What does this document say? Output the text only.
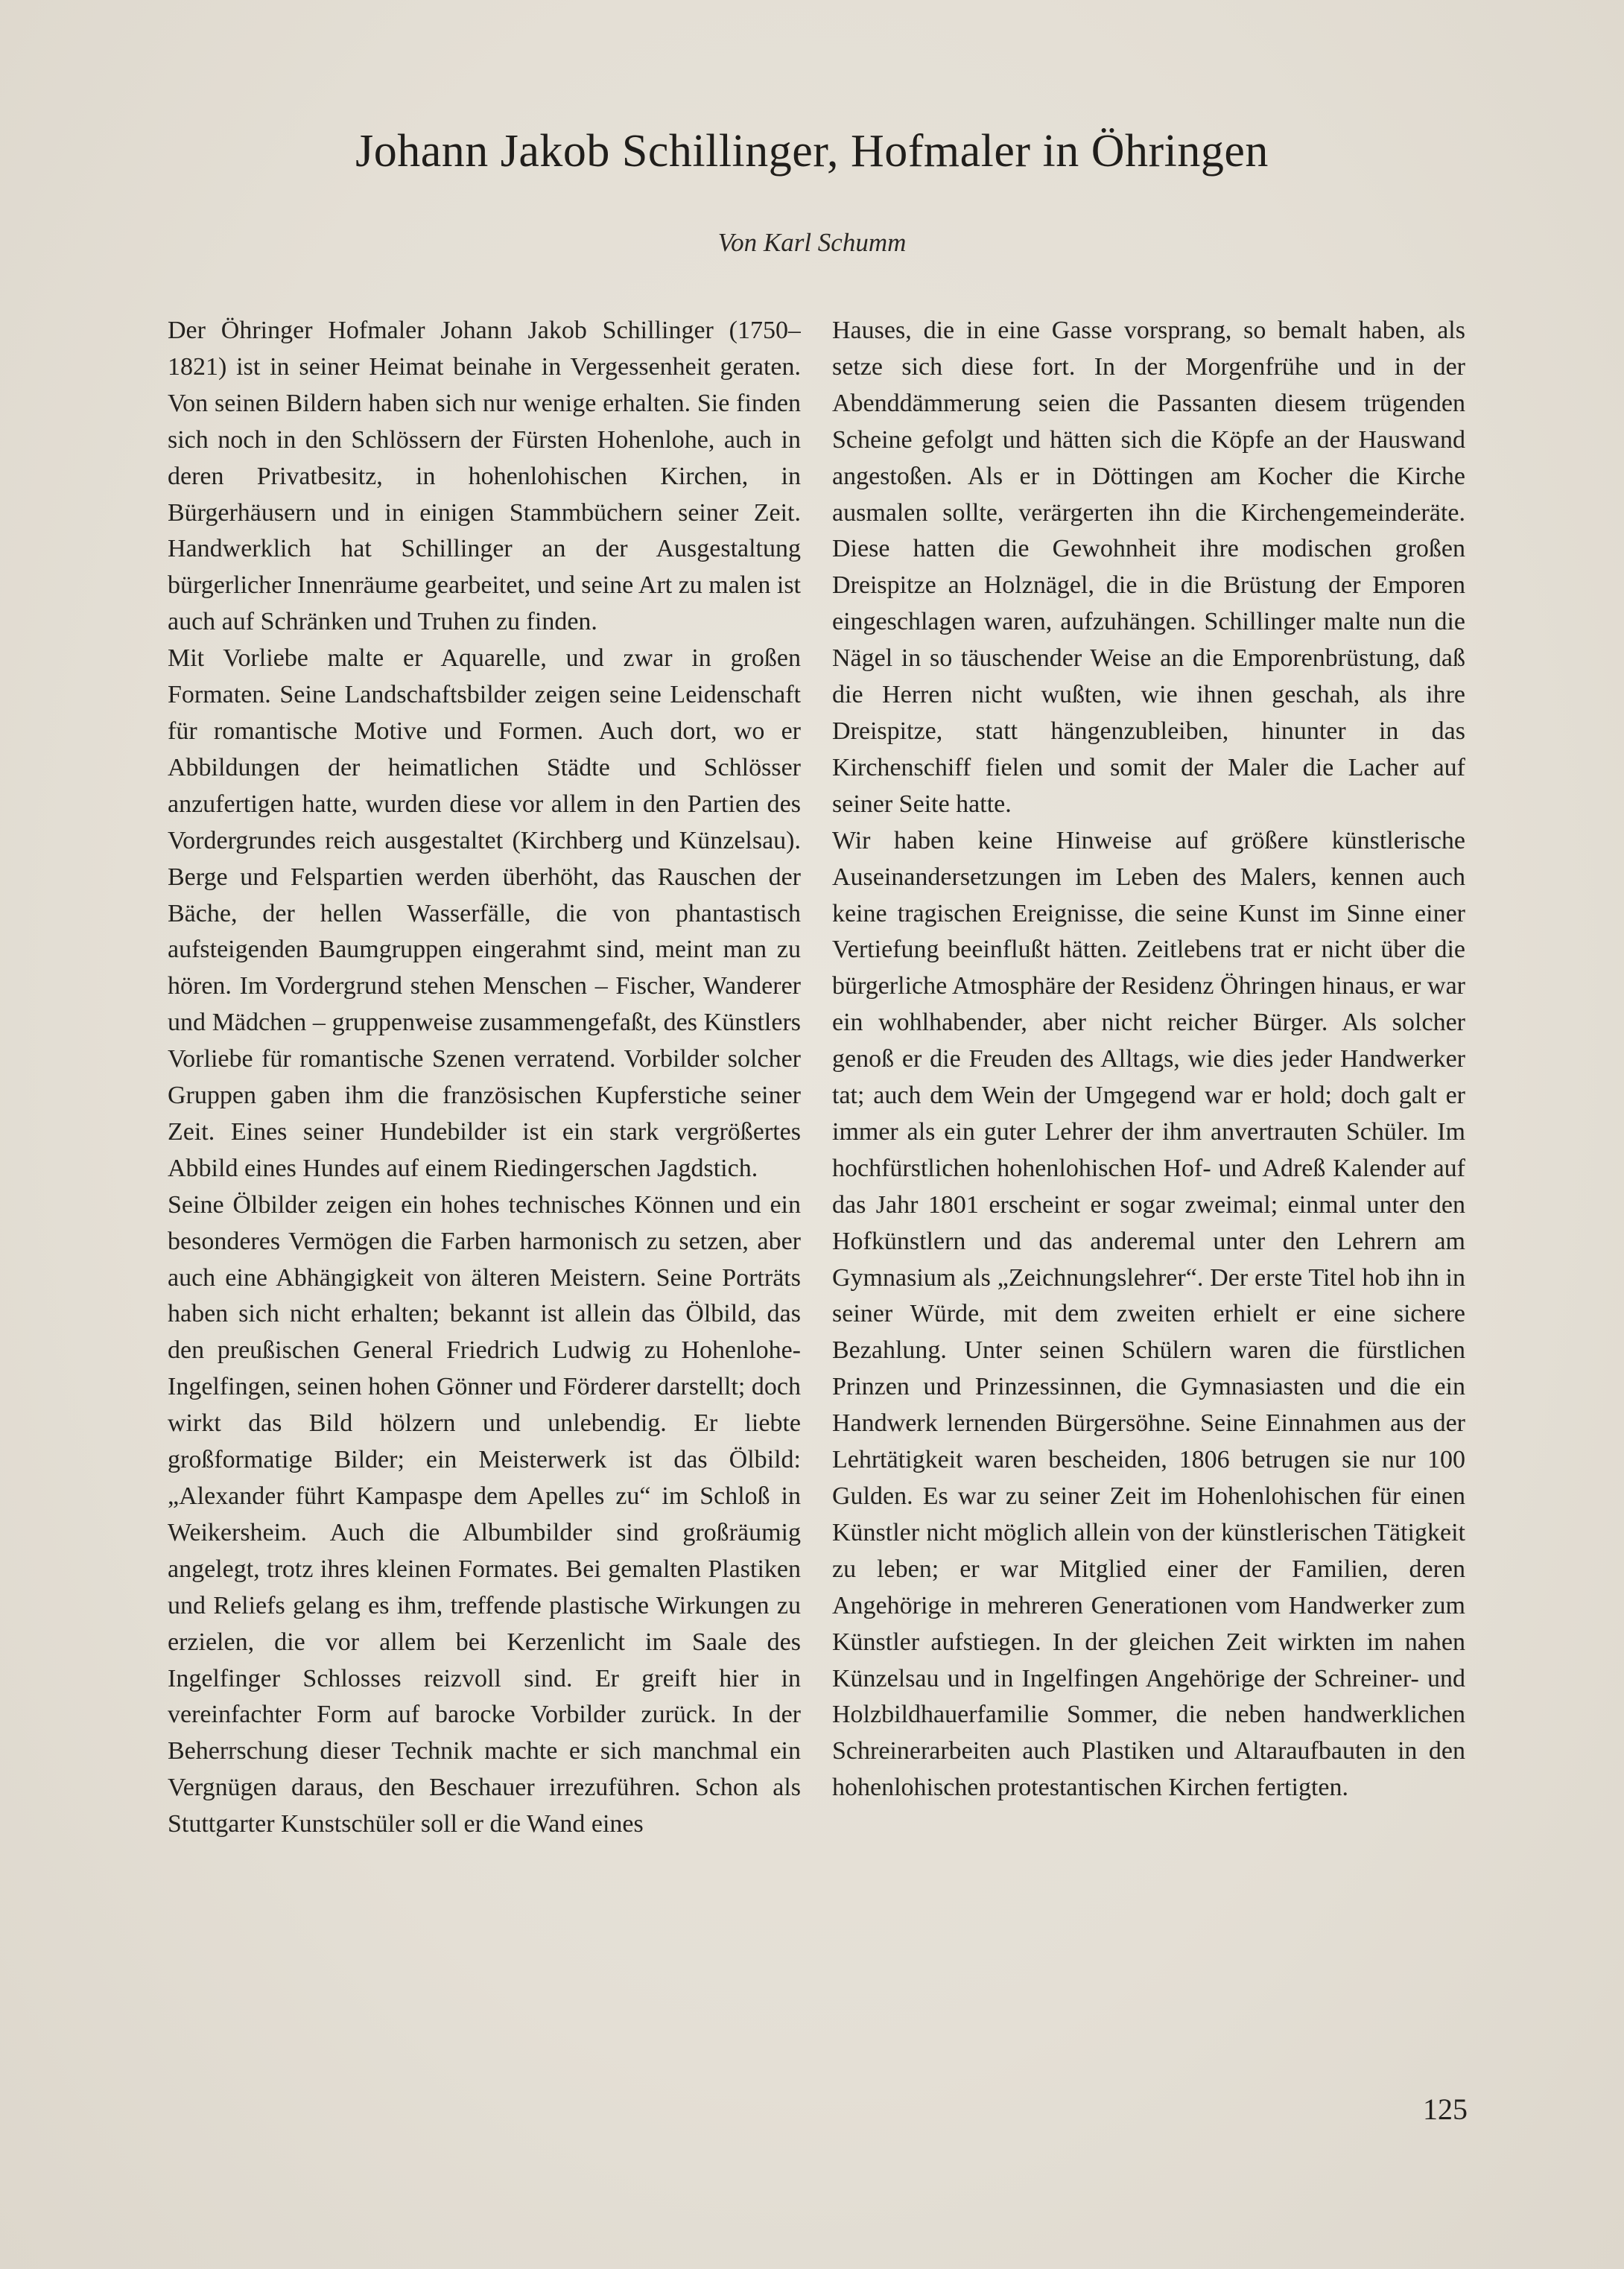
Johann Jakob Schillinger, Hofmaler in Öhringen
Von Karl Schumm

Der Öhringer Hofmaler Johann Jakob Schillinger (1750–1821) ist in seiner Heimat beinahe in Vergessenheit geraten. Von seinen Bildern haben sich nur wenige erhalten. Sie finden sich noch in den Schlössern der Fürsten Hohenlohe, auch in deren Privatbesitz, in hohenlohischen Kirchen, in Bürgerhäusern und in einigen Stammbüchern seiner Zeit. Handwerklich hat Schillinger an der Ausgestaltung bürgerlicher Innenräume gearbeitet, und seine Art zu malen ist auch auf Schränken und Truhen zu finden.

Mit Vorliebe malte er Aquarelle, und zwar in großen Formaten. Seine Landschaftsbilder zeigen seine Leidenschaft für romantische Motive und Formen. Auch dort, wo er Abbildungen der heimatlichen Städte und Schlösser anzufertigen hatte, wurden diese vor allem in den Partien des Vordergrundes reich ausgestaltet (Kirchberg und Künzelsau). Berge und Felspartien werden überhöht, das Rauschen der Bäche, der hellen Wasserfälle, die von phantastisch aufsteigenden Baumgruppen eingerahmt sind, meint man zu hören. Im Vordergrund stehen Menschen – Fischer, Wanderer und Mädchen – gruppenweise zusammengefaßt, des Künstlers Vorliebe für romantische Szenen verratend. Vorbilder solcher Gruppen gaben ihm die französischen Kupferstiche seiner Zeit. Eines seiner Hundebilder ist ein stark vergrößertes Abbild eines Hundes auf einem Riedingerschen Jagdstich.

Seine Ölbilder zeigen ein hohes technisches Können und ein besonderes Vermögen die Farben harmonisch zu setzen, aber auch eine Abhängigkeit von älteren Meistern. Seine Porträts haben sich nicht erhalten; bekannt ist allein das Ölbild, das den preußischen General Friedrich Ludwig zu Hohenlohe-Ingelfingen, seinen hohen Gönner und Förderer darstellt; doch wirkt das Bild hölzern und unlebendig. Er liebte großformatige Bilder; ein Meisterwerk ist das Ölbild: „Alexander führt Kampaspe dem Apelles zu“ im Schloß in Weikersheim. Auch die Albumbilder sind großräumig angelegt, trotz ihres kleinen Formates. Bei gemalten Plastiken und Reliefs gelang es ihm, treffende plastische Wirkungen zu erzielen, die vor allem bei Kerzenlicht im Saale des Ingelfinger Schlosses reizvoll sind. Er greift hier in vereinfachter Form auf barocke Vorbilder zurück. In der Beherrschung dieser Technik machte er sich manchmal ein Vergnügen daraus, den Beschauer irrezuführen. Schon als Stuttgarter Kunstschüler soll er die Wand eines

Hauses, die in eine Gasse vorsprang, so bemalt haben, als setze sich diese fort. In der Morgenfrühe und in der Abenddämmerung seien die Passanten diesem trügenden Scheine gefolgt und hätten sich die Köpfe an der Hauswand angestoßen. Als er in Döttingen am Kocher die Kirche ausmalen sollte, verärgerten ihn die Kirchengemeinderäte. Diese hatten die Gewohnheit ihre modischen großen Dreispitze an Holznägel, die in die Brüstung der Emporen eingeschlagen waren, aufzuhängen. Schillinger malte nun die Nägel in so täuschender Weise an die Emporenbrüstung, daß die Herren nicht wußten, wie ihnen geschah, als ihre Dreispitze, statt hängenzubleiben, hinunter in das Kirchenschiff fielen und somit der Maler die Lacher auf seiner Seite hatte.

Wir haben keine Hinweise auf größere künstlerische Auseinandersetzungen im Leben des Malers, kennen auch keine tragischen Ereignisse, die seine Kunst im Sinne einer Vertiefung beeinflußt hätten. Zeitlebens trat er nicht über die bürgerliche Atmosphäre der Residenz Öhringen hinaus, er war ein wohlhabender, aber nicht reicher Bürger. Als solcher genoß er die Freuden des Alltags, wie dies jeder Handwerker tat; auch dem Wein der Umgegend war er hold; doch galt er immer als ein guter Lehrer der ihm anvertrauten Schüler. Im hochfürstlichen hohenlohischen Hof- und Adreß Kalender auf das Jahr 1801 erscheint er sogar zweimal; einmal unter den Hofkünstlern und das anderemal unter den Lehrern am Gymnasium als „Zeichnungslehrer“. Der erste Titel hob ihn in seiner Würde, mit dem zweiten erhielt er eine sichere Bezahlung. Unter seinen Schülern waren die fürstlichen Prinzen und Prinzessinnen, die Gymnasiasten und die ein Handwerk lernenden Bürgersöhne. Seine Einnahmen aus der Lehrtätigkeit waren bescheiden, 1806 betrugen sie nur 100 Gulden. Es war zu seiner Zeit im Hohenlohischen für einen Künstler nicht möglich allein von der künstlerischen Tätigkeit zu leben; er war Mitglied einer der Familien, deren Angehörige in mehreren Generationen vom Handwerker zum Künstler aufstiegen. In der gleichen Zeit wirkten im nahen Künzelsau und in Ingelfingen Angehörige der Schreiner- und Holzbildhauerfamilie Sommer, die neben handwerklichen Schreinerarbeiten auch Plastiken und Altaraufbauten in den hohenlohischen protestantischen Kirchen fertigten.

125
